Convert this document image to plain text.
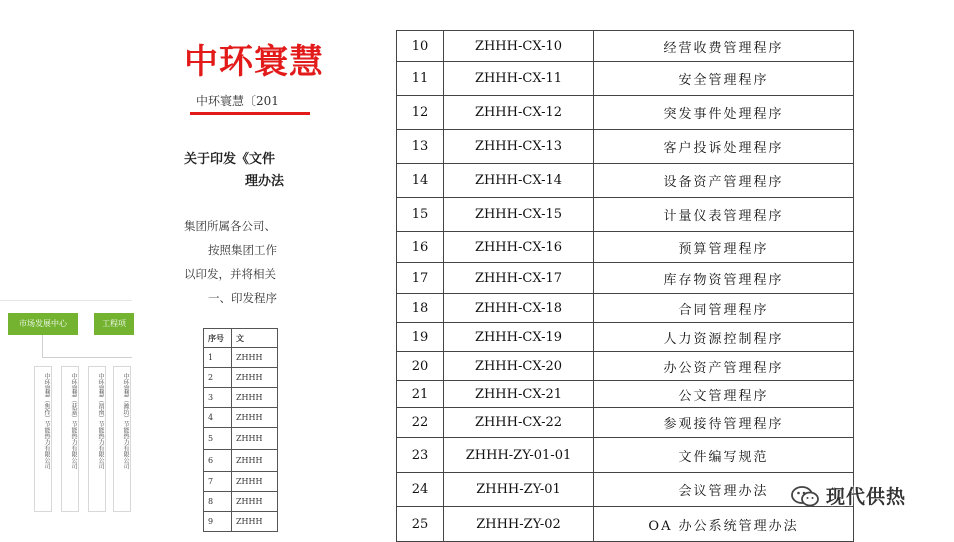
市场发展中心	工程项
中环寰慧（焦作）节能热力有限公司	中环寰慧（获嘉）节能热力有限公司	中环寰慧（渭南）节能热力有限公司	中环寰慧（潍坊）节能热力有限公司
中环寰慧
中环寰慧〔201
关于印发《文件
理办法
集团所属各公司、
按照集团工作
以印发，并将相关
一、印发程序
序号	文
1	ZHHH
2	ZHHH
3	ZHHH
4	ZHHH
5	ZHHH
6	ZHHH
7	ZHHH
8	ZHHH
9	ZHHH
10	ZHHH-CX-10	经营收费管理程序
11	ZHHH-CX-11	安全管理程序
12	ZHHH-CX-12	突发事件处理程序
13	ZHHH-CX-13	客户投诉处理程序
14	ZHHH-CX-14	设备资产管理程序
15	ZHHH-CX-15	计量仪表管理程序
16	ZHHH-CX-16	预算管理程序
17	ZHHH-CX-17	库存物资管理程序
18	ZHHH-CX-18	合同管理程序
19	ZHHH-CX-19	人力资源控制程序
20	ZHHH-CX-20	办公资产管理程序
21	ZHHH-CX-21	公文管理程序
22	ZHHH-CX-22	参观接待管理程序
23	ZHHH-ZY-01-01	文件编写规范
24	ZHHH-ZY-01	会议管理办法
25	ZHHH-ZY-02	OA 办公系统管理办法
现代供热
